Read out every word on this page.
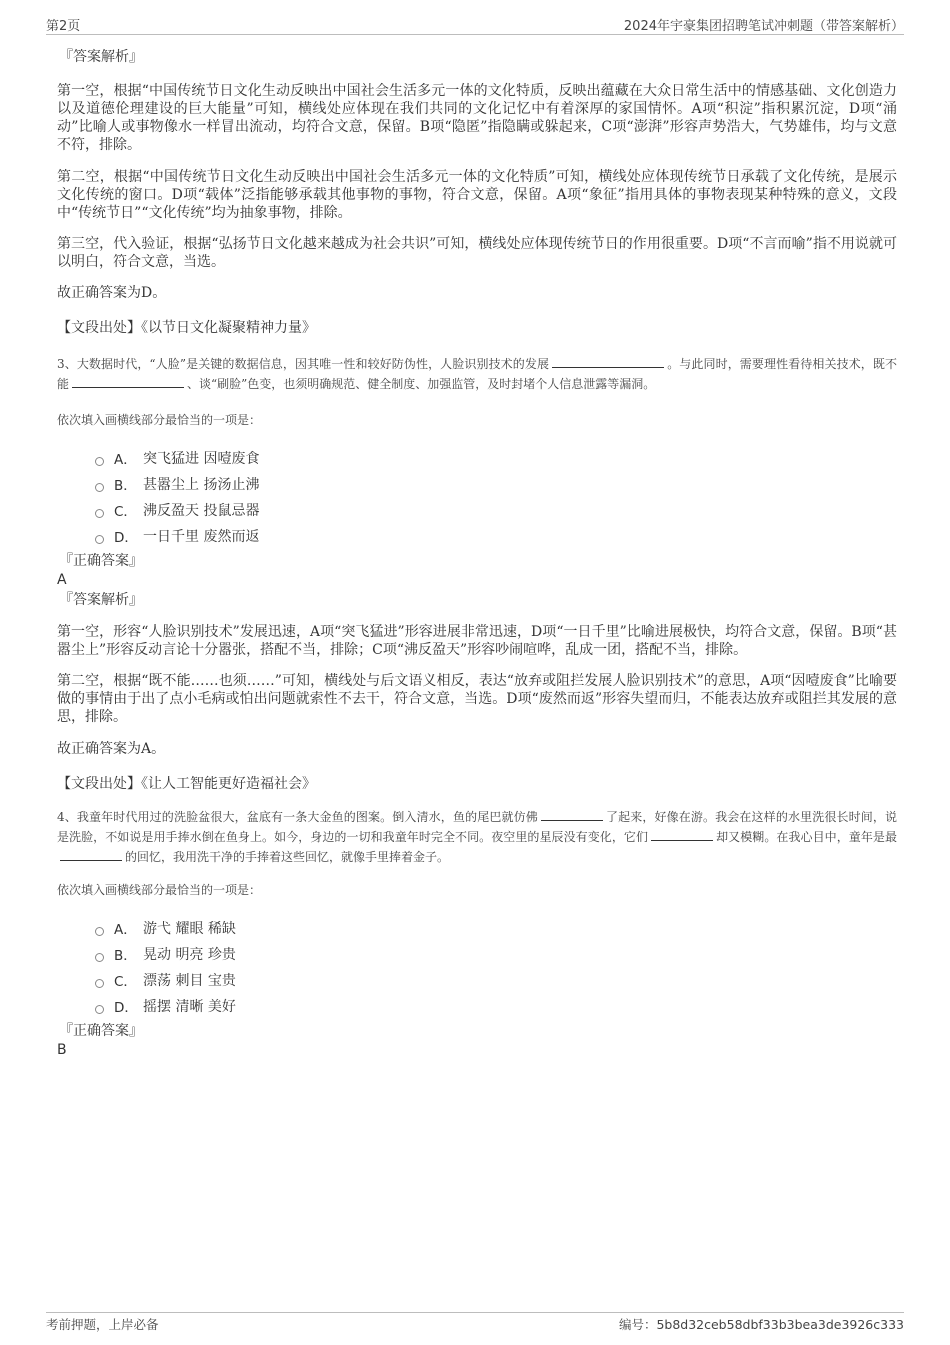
第2页	2024年宇豪集团招聘笔试冲刺题（带答案解析）
『答案解析』

第一空，根据“中国传统节日文化生动反映出中国社会生活多元一体的文化特质，反映出蕴藏在大众日常生活中的情感基础、文化创造力以及道德伦理建设的巨大能量”可知，横线处应体现在我们共同的文化记忆中有着深厚的家国情怀。A项“积淀”指积累沉淀，D项“涌动”比喻人或事物像水一样冒出流动，均符合文意，保留。B项“隐匿”指隐瞒或躲起来，C项“澎湃”形容声势浩大，气势雄伟，均与文意不符，排除。

第二空，根据“中国传统节日文化生动反映出中国社会生活多元一体的文化特质”可知，横线处应体现传统节日承载了文化传统，是展示文化传统的窗口。D项“载体”泛指能够承载其他事物的事物，符合文意，保留。A项“象征”指用具体的事物表现某种特殊的意义，文段中“传统节日”“文化传统”均为抽象事物，排除。

第三空，代入验证，根据“弘扬节日文化越来越成为社会共识”可知，横线处应体现传统节日的作用很重要。D项“不言而喻”指不用说就可以明白，符合文意，当选。

故正确答案为D。

【文段出处】《以节日文化凝聚精神力量》

3、大数据时代，“人脸”是关键的数据信息，因其唯一性和较好防伪性，人脸识别技术的发展	。与此同时，需要理性看待相关技术，既不能	、谈“刷脸”色变，也须明确规范、健全制度、加强监管，及时封堵个人信息泄露等漏洞。

依次填入画横线部分最恰当的一项是：

A． 突飞猛进 因噎废食
B． 甚嚣尘上 扬汤止沸
C． 沸反盈天 投鼠忌器
D． 一日千里 废然而返
『正确答案』
A
『答案解析』

第一空，形容“人脸识别技术”发展迅速，A项“突飞猛进”形容进展非常迅速，D项“一日千里”比喻进展极快，均符合文意，保留。B项“甚嚣尘上”形容反动言论十分嚣张，搭配不当，排除；C项“沸反盈天”形容吵闹喧哗，乱成一团，搭配不当，排除。

第二空，根据“既不能……也须……”可知，横线处与后文语义相反，表达“放弃或阻拦发展人脸识别技术”的意思，A项“因噎废食”比喻要做的事情由于出了点小毛病或怕出问题就索性不去干，符合文意，当选。D项“废然而返”形容失望而归，不能表达放弃或阻拦其发展的意思，排除。

故正确答案为A。

【文段出处】《让人工智能更好造福社会》

4、我童年时代用过的洗脸盆很大，盆底有一条大金鱼的图案。倒入清水，鱼的尾巴就仿佛	了起来，好像在游。我会在这样的水里洗很长时间，说是洗脸，不如说是用手捧水倒在鱼身上。如今，身边的一切和我童年时完全不同。夜空里的星辰没有变化，它们	却又模糊。在我心目中，童年是最的回忆，我用洗干净的手捧着这些回忆，就像手里捧着金子。

依次填入画横线部分最恰当的一项是：

A． 游弋 耀眼 稀缺
B． 晃动 明亮 珍贵
C． 漂荡 刺目 宝贵
D． 摇摆 清晰 美好
『正确答案』
B
考前押题，上岸必备	编号：5b8d32ceb58dbf33b3bea3de3926c333
